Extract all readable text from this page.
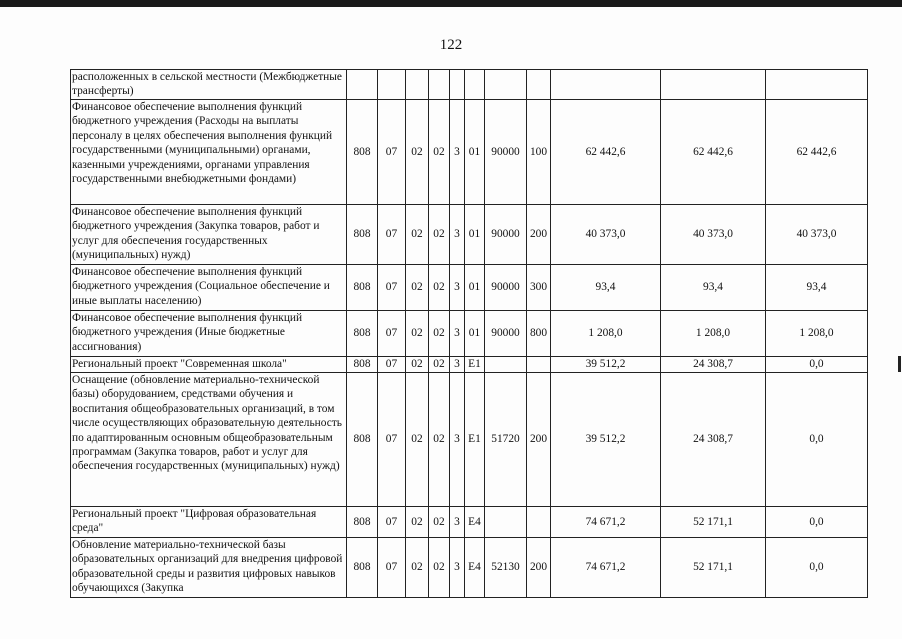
122
расположенных в сельской местности (Межбюджетные трансферты)											
Финансовое обеспечение выполнения функций бюджетного учреждения (Расходы на выплаты персоналу в целях обеспечения выполнения функций государственными (муниципальными) органами, казенными учреждениями, органами управления государственными внебюджетными фондами)	808	07	02	02	3	01	90000	100	62 442,6	62 442,6	62 442,6
Финансовое обеспечение выполнения функций бюджетного учреждения (Закупка товаров, работ и услуг для обеспечения государственных (муниципальных) нужд)	808	07	02	02	3	01	90000	200	40 373,0	40 373,0	40 373,0
Финансовое обеспечение выполнения функций бюджетного учреждения (Социальное обеспечение и иные выплаты населению)	808	07	02	02	3	01	90000	300	93,4	93,4	93,4
Финансовое обеспечение выполнения функций бюджетного учреждения (Иные бюджетные ассигнования)	808	07	02	02	3	01	90000	800	1 208,0	1 208,0	1 208,0
Региональный проект "Современная школа"	808	07	02	02	3	E1			39 512,2	24 308,7	0,0
Оснащение (обновление материально-технической базы) оборудованием, средствами обучения и воспитания общеобразовательных организаций, в том числе осуществляющих образовательную деятельность по адаптированным основным общеобразовательным программам (Закупка товаров, работ и услуг для обеспечения государственных (муниципальных) нужд)	808	07	02	02	3	E1	51720	200	39 512,2	24 308,7	0,0
Региональный проект "Цифровая образовательная среда"	808	07	02	02	3	E4			74 671,2	52 171,1	0,0
Обновление материально-технической базы образовательных организаций для внедрения цифровой образовательной среды и развития цифровых навыков обучающихся (Закупка	808	07	02	02	3	E4	52130	200	74 671,2	52 171,1	0,0
